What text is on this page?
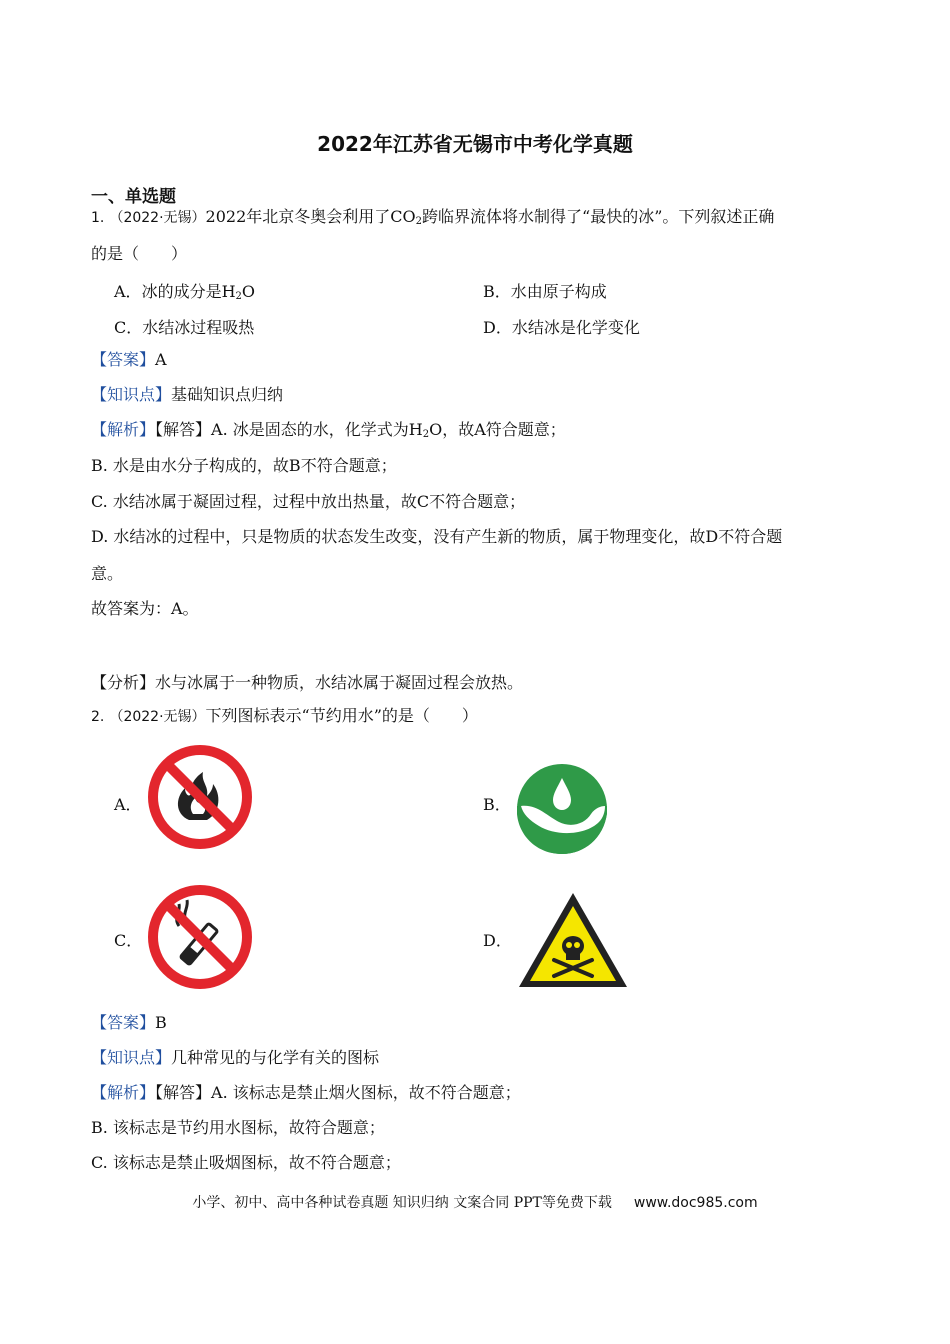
2022年江苏省无锡市中考化学真题
一、单选题
1. （2022·无锡）2022年北京冬奥会利用了$CO_2$跨临界流体将水制得了“最快的冰”。下列叙述正确
的是（　　）
A．冰的成分是$H_2O$	B．水由原子构成
C．水结冰过程吸热	D．水结冰是化学变化
【答案】A
【知识点】基础知识点归纳
【解析】【解答】A. 冰是固态的水，化学式为$H_2O$，故A符合题意；
B. 水是由水分子构成的，故B不符合题意；
C. 水结冰属于凝固过程，过程中放出热量，故C不符合题意；
D. 水结冰的过程中，只是物质的状态发生改变，没有产生新的物质，属于物理变化，故D不符合题
意。
故答案为：A。
【分析】水与冰属于一种物质，水结冰属于凝固过程会放热。
2. （2022·无锡）下列图标表示“节约用水”的是（　　）
A．	B．
C．	D．
【答案】B
【知识点】几种常见的与化学有关的图标
【解析】【解答】A. 该标志是禁止烟火图标，故不符合题意；
B. 该标志是节约用水图标，故符合题意；
C. 该标志是禁止吸烟图标，故不符合题意；
小学、初中、高中各种试卷真题 知识归纳 文案合同 PPT等免费下载 www.doc985.com
